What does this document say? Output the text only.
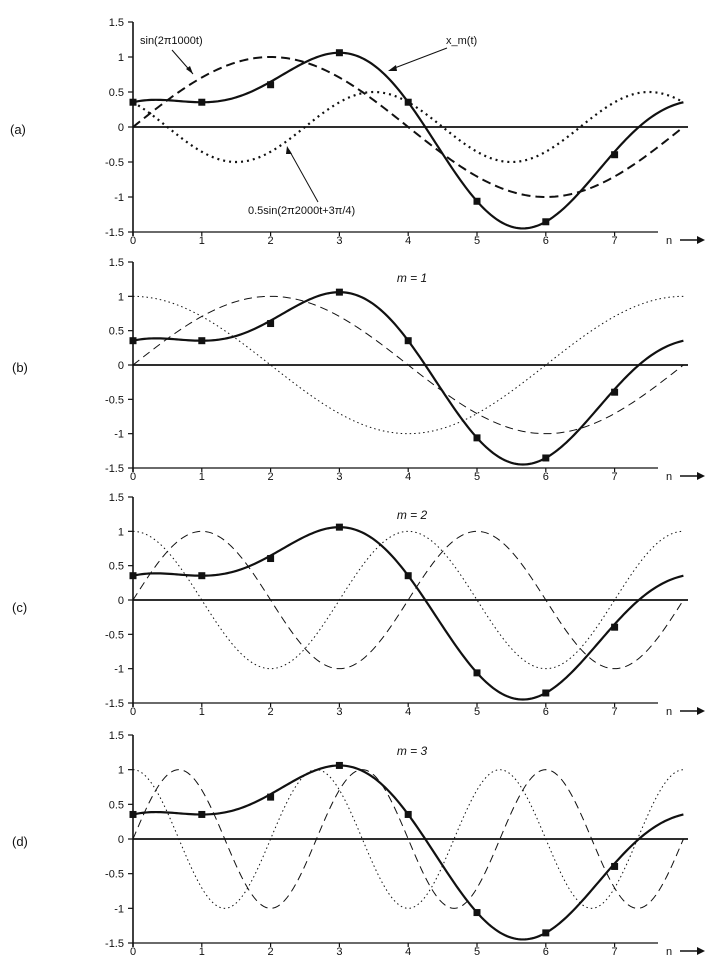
1.5
1
0.5
0
-0.5
-1
-1.5
0	1	2	3	4	5	6	7	n
(a)
sin(2π1000t)	x_m(t)
0.5sin(2π2000t+3π/4)
1.5
1
0.5
0
-0.5
-1
-1.5
0	1	2	3	4	5	6	7	n
(b)
m = 1
1.5
1
0.5
0
-0.5
-1
-1.5
0	1	2	3	4	5	6	7	n
(c)
m = 2
1.5
1
0.5
0
-0.5
-1
-1.5
0	1	2	3	4	5	6	7	n
(d)
m = 3
